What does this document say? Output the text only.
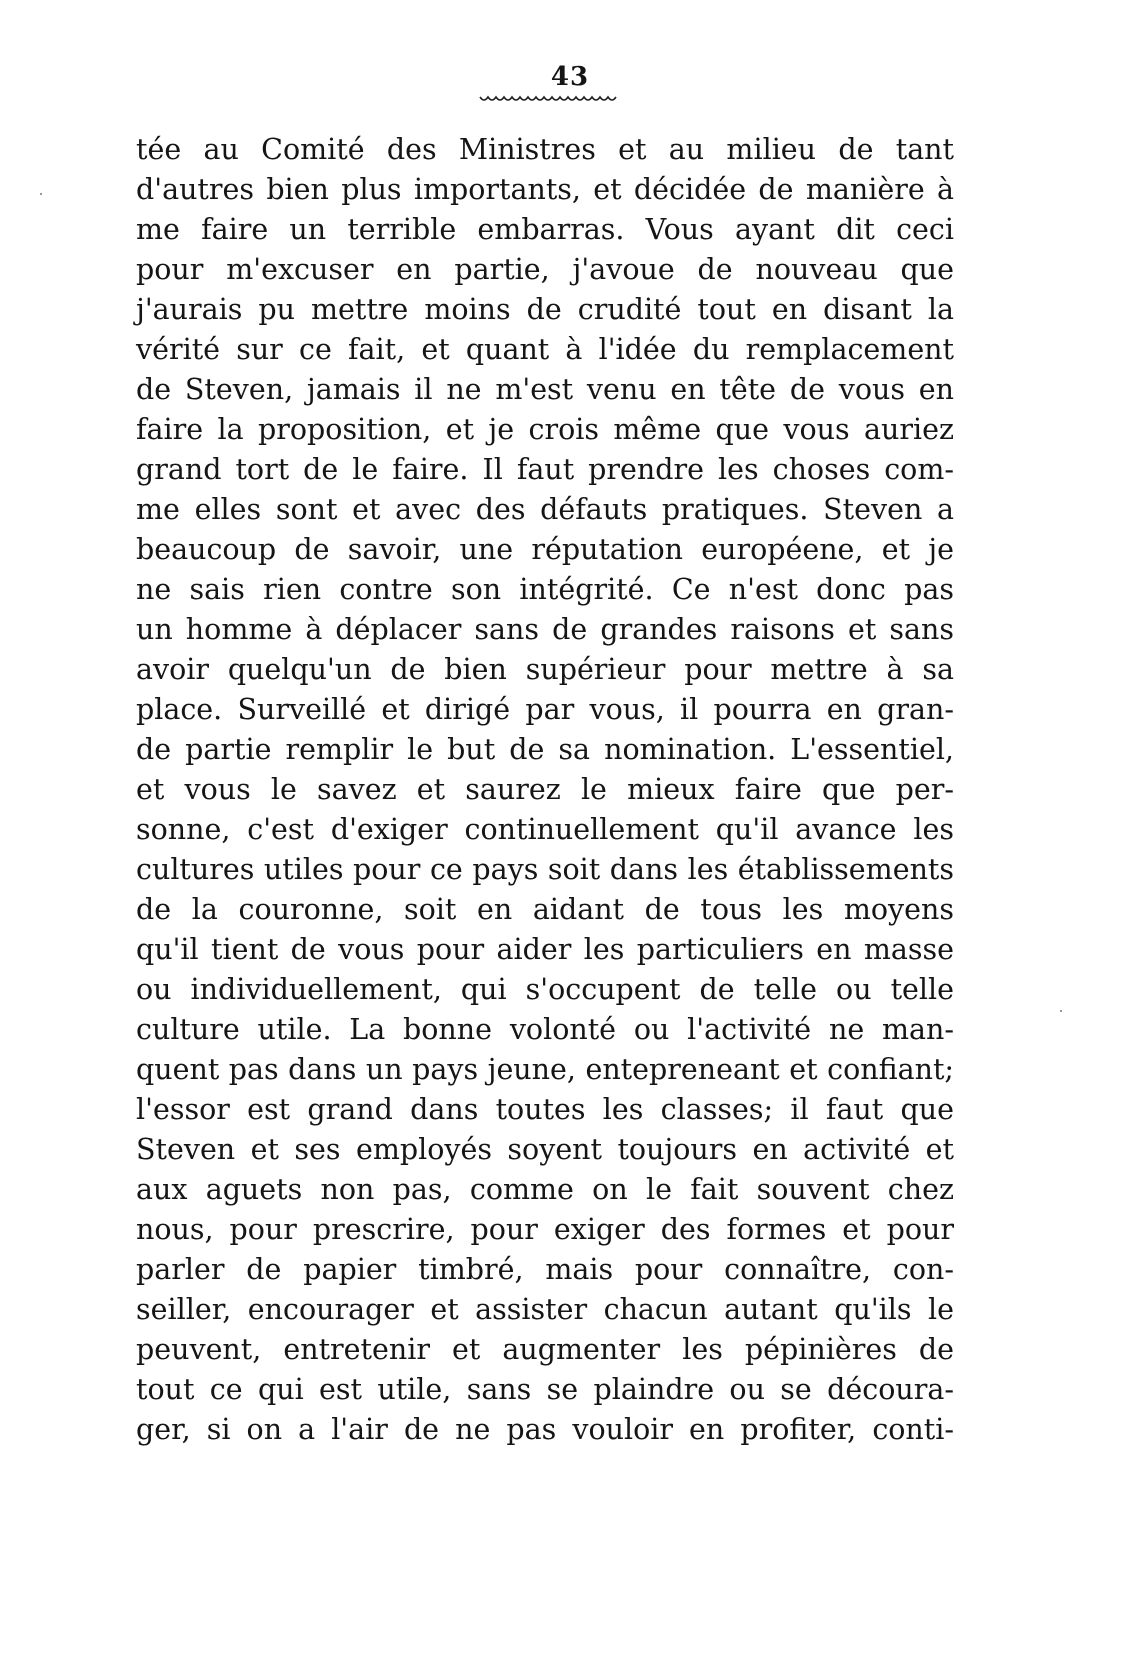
43
tée au Comité des Ministres et au milieu de tant
d'autres bien plus importants, et décidée de manière à
me faire un terrible embarras. Vous ayant dit ceci
pour m'excuser en partie, j'avoue de nouveau que
j'aurais pu mettre moins de crudité tout en disant la
vérité sur ce fait, et quant à l'idée du remplacement
de Steven, jamais il ne m'est venu en tête de vous en
faire la proposition, et je crois même que vous auriez
grand tort de le faire. Il faut prendre les choses com-
me elles sont et avec des défauts pratiques. Steven a
beaucoup de savoir, une réputation européene, et je
ne sais rien contre son intégrité. Ce n'est donc pas
un homme à déplacer sans de grandes raisons et sans
avoir quelqu'un de bien supérieur pour mettre à sa
place. Surveillé et dirigé par vous, il pourra en gran-
de partie remplir le but de sa nomination. L'essentiel,
et vous le savez et saurez le mieux faire que per-
sonne, c'est d'exiger continuellement qu'il avance les
cultures utiles pour ce pays soit dans les établissements
de la couronne, soit en aidant de tous les moyens
qu'il tient de vous pour aider les particuliers en masse
ou individuellement, qui s'occupent de telle ou telle
culture utile. La bonne volonté ou l'activité ne man-
quent pas dans un pays jeune, entepreneant et confiant;
l'essor est grand dans toutes les classes; il faut que
Steven et ses employés soyent toujours en activité et
aux aguets non pas, comme on le fait souvent chez
nous, pour prescrire, pour exiger des formes et pour
parler de papier timbré, mais pour connaître, con-
seiller, encourager et assister chacun autant qu'ils le
peuvent, entretenir et augmenter les pépinières de
tout ce qui est utile, sans se plaindre ou se découra-
ger, si on a l'air de ne pas vouloir en profiter, conti-
